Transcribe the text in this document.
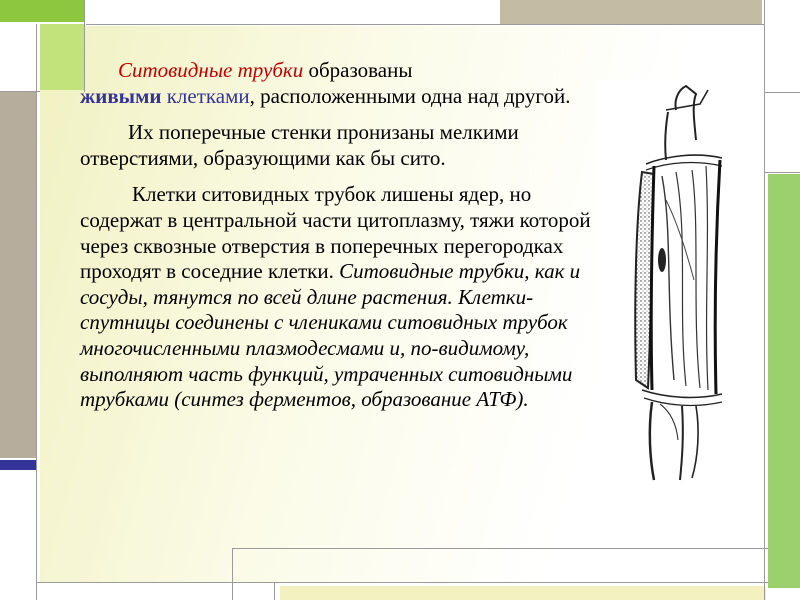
Ситовидные трубки образованы
живыми клетками, расположенными одна над другой.

Их поперечные стенки пронизаны мелкими отверстиями, образующими как бы сито.

Клетки ситовидных трубок лишены ядер, но содержат в центральной части цитоплазму, тяжи которой через сквозные отверстия в поперечных перегородках проходят в соседние клетки. Ситовидные трубки, как и сосуды, тянутся по всей длине растения. Клетки-спутницы соединены с члениками ситовидных трубок многочисленными плазмодесмами и, по-видимому, выполняют часть функций, утраченных ситовидными трубками (синтез ферментов, образование АТФ).
